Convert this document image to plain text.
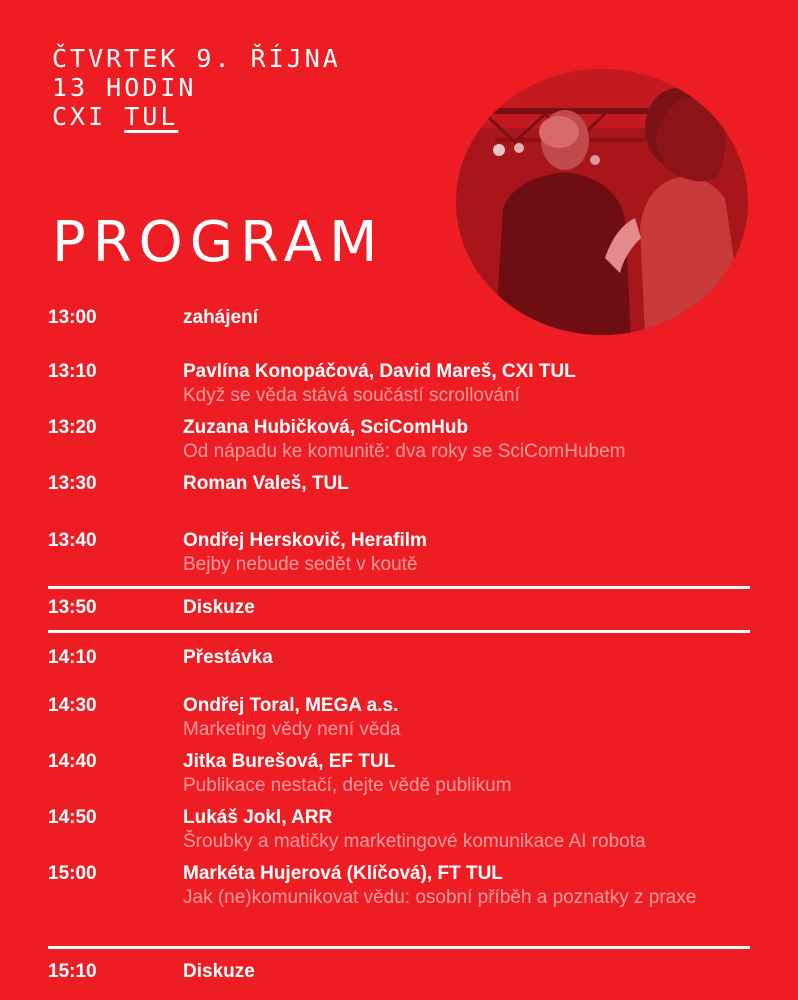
ČTVRTEK 9. ŘÍJNA
13 HODIN
CXI TUL
PROGRAM
13:00	zahájení
13:10	Pavlína Konopáčová, David Mareš, CXI TUL
Když se věda stává součástí scrollování
13:20	Zuzana Hubičková, SciComHub
Od nápadu ke komunitě: dva roky se SciComHubem
13:30	Roman Valeš, TUL
13:40	Ondřej Herskovič, Herafilm
Bejby nebude sedět v koutě
13:50	Diskuze
14:10	Přestávka
14:30	Ondřej Toral, MEGA a.s.
Marketing vědy není věda
14:40	Jitka Burešová, EF TUL
Publikace nestačí, dejte vědě publikum
14:50	Lukáš Jokl, ARR
Šroubky a matičky marketingové komunikace AI robota
15:00	Markéta Hujerová (Klíčová), FT TUL
Jak (ne)komunikovat vědu: osobní příběh a poznatky z praxe
15:10	Diskuze
